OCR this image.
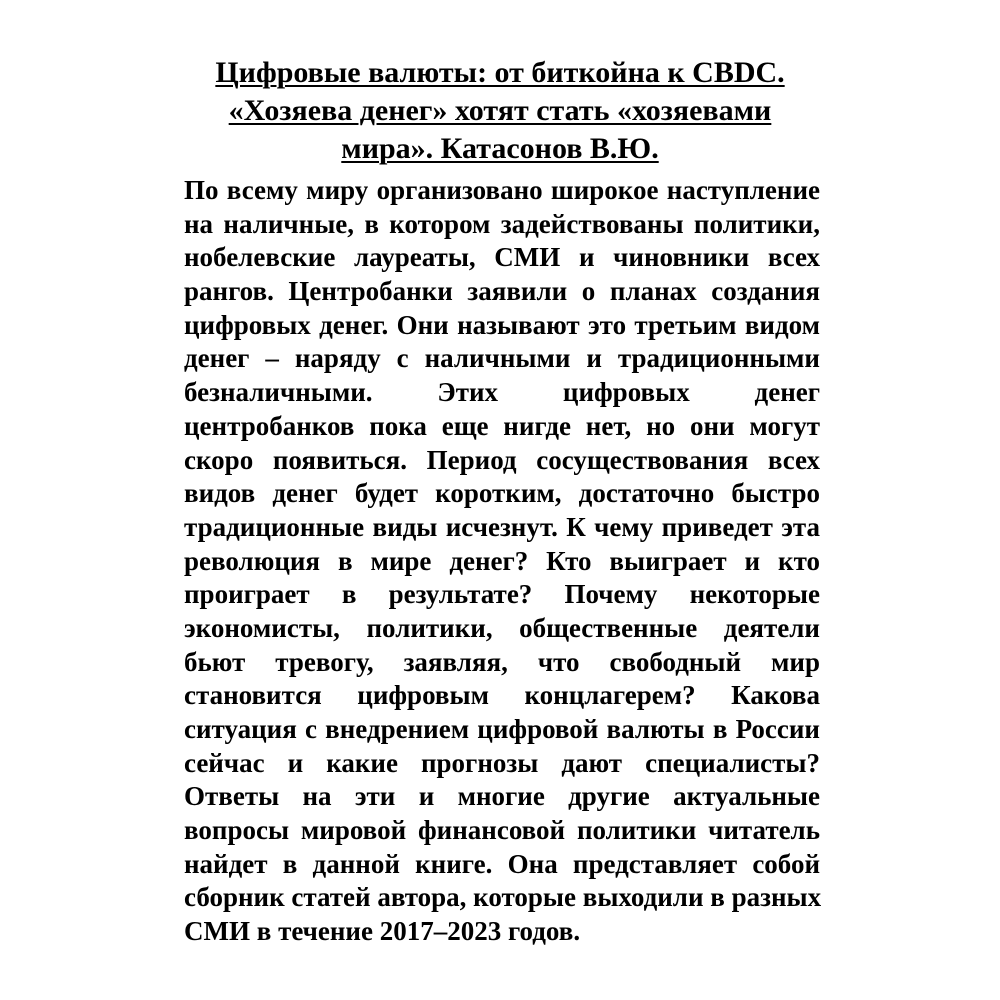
Цифровые валюты: от биткойна к CBDC.
«Хозяева денег» хотят стать «хозяевами
мира». Катасонов В.Ю.
По всему миру организовано широкое наступление
на наличные, в котором задействованы политики,
нобелевские лауреаты, СМИ и чиновники всех
рангов. Центробанки заявили о планах создания
цифровых денег. Они называют это третьим видом
денег – наряду с наличными и традиционными
безналичными. Этих цифровых денег
центробанков пока еще нигде нет, но они могут
скоро появиться. Период сосуществования всех
видов денег будет коротким, достаточно быстро
традиционные виды исчезнут. К чему приведет эта
революция в мире денег? Кто выиграет и кто
проиграет в результате? Почему некоторые
экономисты, политики, общественные деятели
бьют тревогу, заявляя, что свободный мир
становится цифровым концлагерем? Какова
ситуация с внедрением цифровой валюты в России
сейчас и какие прогнозы дают специалисты?
Ответы на эти и многие другие актуальные
вопросы мировой финансовой политики читатель
найдет в данной книге. Она представляет собой
сборник статей автора, которые выходили в разных
СМИ в течение 2017–2023 годов.
